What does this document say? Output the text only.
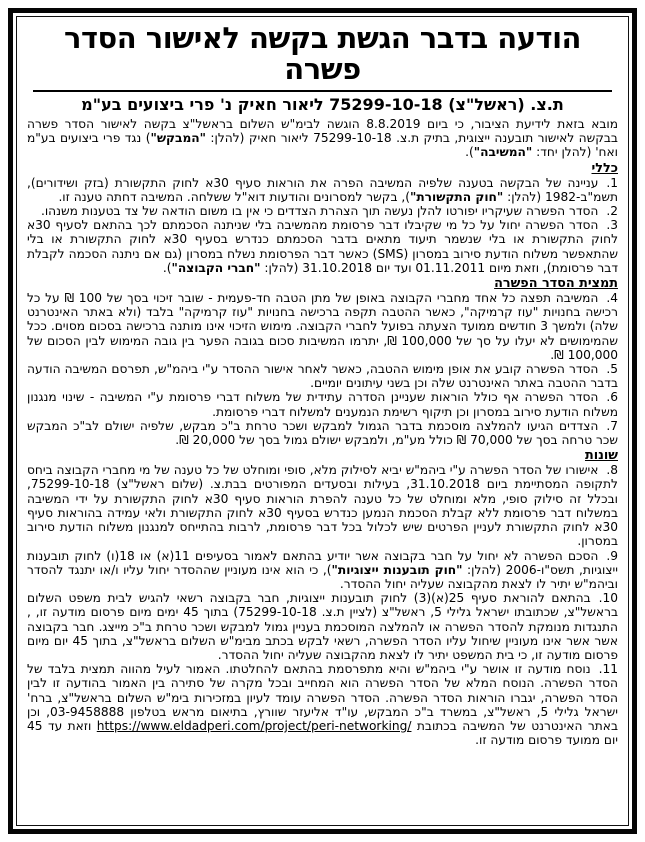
הודעה בדבר הגשת בקשה לאישור הסדר פשרה
ת.צ. (ראשל"צ) 75299-10-18 ליאור חאיק נ' פרי ביצועים בע"מ

מובא בזאת לידיעת הציבור, כי ביום 8.8.2019 הוגשה לבימ"ש השלום בראשל"צ בקשה לאישור הסדר פשרה בבקשה לאישור תובענה ייצוגית, בתיק ת.צ. 75299-10-18 ליאור חאיק (להלן: "המבקש") נגד פרי ביצועים בע"מ ואח' (להלן יחד: "המשיבה").

כללי

1.עניינה של הבקשה בטענה שלפיה המשיבה הפרה את הוראות סעיף 30א לחוק התקשורת (בזק ושידורים), תשמ"ב-1982 (להלן: "חוק התקשורת"), בקשר למסרונים והודעות דוא"ל ששלחה. המשיבה דחתה טענה זו.

2.הסדר הפשרה שעיקריו יפורטו להלן נעשה תוך הצהרת הצדדים כי אין בו משום הודאה של צד בטענות משנהו.

3.הסדר הפשרה יחול על כל מי שקיבלו דבר פרסומת מהמשיבה בלי שניתנה הסכמתם לכך בהתאם לסעיף 30א לחוק התקשורת או בלי שנשמר תיעוד מתאים בדבר הסכמתם כנדרש בסעיף 30א לחוק התקשורת או בלי שהתאפשר משלוח הודעת סירוב במסרון (SMS) כאשר דבר הפרסומת נשלח במסרון (גם אם ניתנה הסכמה לקבלת דבר פרסומת), וזאת מיום 01.11.2011 ועד יום 31.10.2018 (להלן: "חברי הקבוצה").

תמצית הסדר הפשרה

4.המשיבה תפצה כל אחד מחברי הקבוצה באופן של מתן הטבה חד-פעמית - שובר זיכוי בסך של 100 ₪ על כל רכישה בחנויות "עוז קרמיקה", כאשר ההטבה תקפה ברכישה בחנויות "עוז קרמיקה" בלבד (ולא באתר האינטרנט שלה) ולמשך 3 חודשים ממועד הצעתה בפועל לחברי הקבוצה. מימוש הזיכוי אינו מותנה ברכישה בסכום מסוים. ככל שהמימושים לא יעלו על סך של 100,000 ₪, יתרמו המשיבות סכום בגובה הפער בין גובה המימוש לבין הסכום של 100,000 ₪.

5.הסדר הפשרה קובע את אופן מימוש ההטבה, כאשר לאחר אישור ההסדר ע"י ביהמ"ש, תפרסם המשיבה הודעה בדבר ההטבה באתר האינטרנט שלה וכן בשני עיתונים יומיים.

6.הסדר הפשרה אף כולל הוראות שעניינן הסדרה עתידית של משלוח דברי פרסומת ע"י המשיבה - שינוי מנגנון משלוח הודעת סירוב במסרון וכן תיקוף רשימת הנמענים למשלוח דברי פרסומת.

7.הצדדים הגיעו להמלצה מוסכמת בדבר הגמול למבקש ושכר טרחת ב"כ מבקש, שלפיה ישולם לב"כ המבקש שכר טרחה בסך של 70,000 ₪ כולל מע"מ, ולמבקש ישולם גמול בסך של 20,000 ₪.

שונות

8.אישורו של הסדר הפשרה ע"י ביהמ"ש יביא לסילוק מלא, סופי ומוחלט של כל טענה של מי מחברי הקבוצה ביחס לתקופה המסתיימת ביום 31.10.2018, בעילות ובסעדים המפורטים בבת.צ. (שלום ראשל"צ) 75299-10-18, ובכלל זה סילוק סופי, מלא ומוחלט של כל טענה להפרת הוראות סעיף 30א לחוק התקשורת על ידי המשיבה במשלוח דבר פרסומת ללא קבלת הסכמת הנמען כנדרש בסעיף 30א לחוק התקשורת ולאי עמידה בהוראות סעיף 30א לחוק התקשורת לעניין הפרטים שיש לכלול בכל דבר פרסומת, לרבות בהתייחס למנגנון משלוח הודעת סירוב במסרון.

9.הסכם הפשרה לא יחול על חבר בקבוצה אשר יודיע בהתאם לאמור בסעיפים 11(א) או 18(ו) לחוק תובענות ייצוגיות, תשס"ו-2006 (להלן: "חוק תובענות ייצוגיות"), כי הוא אינו מעוניין שההסדר יחול עליו ו/או יתנגד להסדר וביהמ"ש יתיר לו לצאת מהקבוצה שעליה יחול ההסדר.

10.בהתאם להוראת סעיף 25(א)(3) לחוק תובענות ייצוגיות, חבר בקבוצה רשאי להגיש לבית משפט השלום בראשל"צ, שכתובתו ישראל גלילי 5, ראשל"צ (לציין ת.צ. 75299-10-18) בתוך 45 ימים מיום פרסום מודעה זו, , התנגדות מנומקת להסדר הפשרה או להמלצה המוסכמת בעניין גמול למבקש ושכר טרחת ב"כ מייצג. חבר בקבוצה אשר אשר אינו מעוניין שיחול עליו הסדר הפשרה, רשאי לבקש בכתב מבימ"ש השלום בראשל"צ, בתוך 45 יום מיום פרסום מודעה זו, כי בית המשפט יתיר לו לצאת מהקבוצה שעליה יחול ההסדר.

11.נוסח מודעה זו אושר ע"י ביהמ"ש והיא מתפרסמת בהתאם להחלטתו. האמור לעיל מהווה תמצית בלבד של הסדר הפשרה. הנוסח המלא של הסדר הפשרה הוא המחייב ובכל מקרה של סתירה בין האמור בהודעה זו לבין הסדר הפשרה, יגברו הוראות הסדר הפשרה. הסדר הפשרה עומד לעיון במזכירות בימ"ש השלום בראשל"צ, ברח' ישראל גלילי 5, ראשל"צ, במשרד ב"כ המבקש, עו"ד אליעזר שוורץ, בתיאום מראש בטלפון 03-9458888, וכן באתר האינטרנט של המשיבה בכתובת https://www.eldadperi.com/project/peri-networking/ וזאת עד 45 יום ממועד פרסום מודעה זו.
